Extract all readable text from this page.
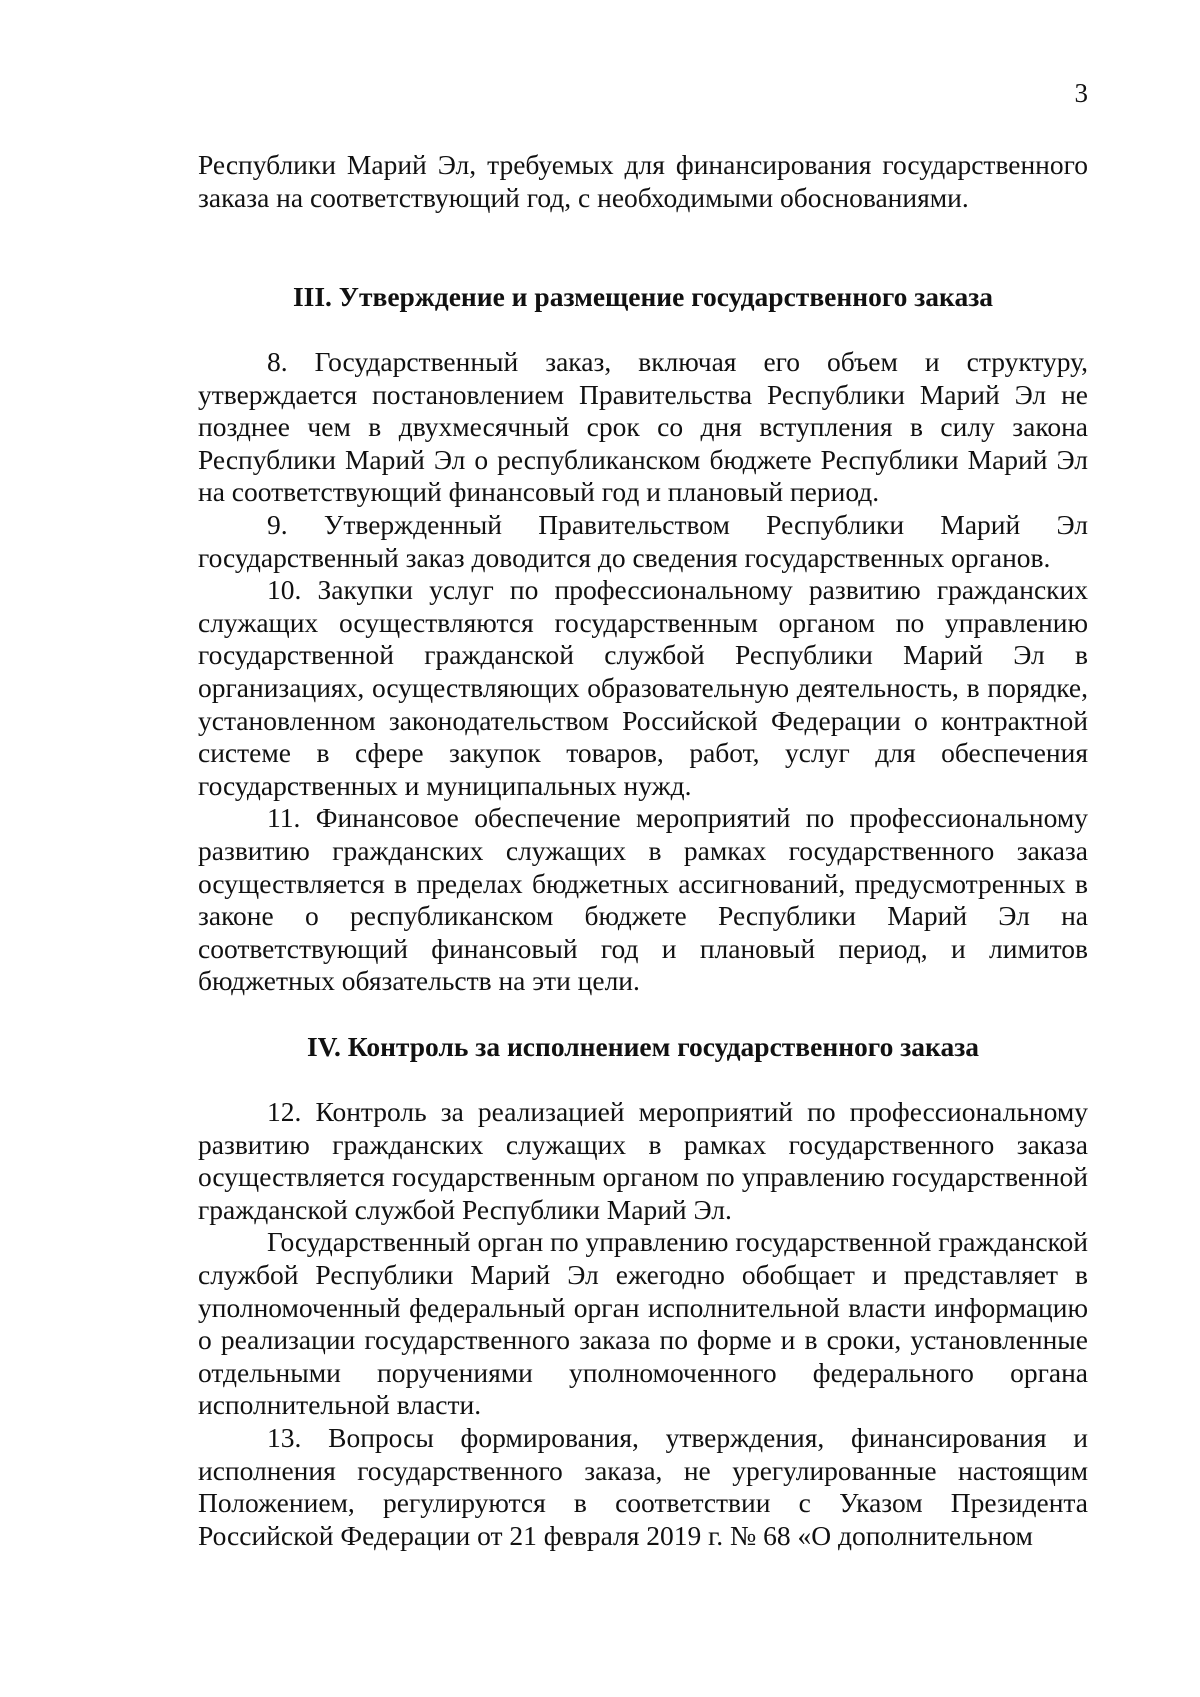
3

Республики Марий Эл, требуемых для финансирования государственного заказа на соответствующий год, с необходимыми обоснованиями.

III. Утверждение и размещение государственного заказа

8. Государственный заказ, включая его объем и структуру, утверждается постановлением Правительства Республики Марий Эл не позднее чем в двухмесячный срок со дня вступления в силу закона Республики Марий Эл о республиканском бюджете Республики Марий Эл на соответствующий финансовый год и плановый период.

9. Утвержденный Правительством Республики Марий Эл государственный заказ доводится до сведения государственных органов.

10. Закупки услуг по профессиональному развитию гражданских служащих осуществляются государственным органом по управлению государственной гражданской службой Республики Марий Эл в организациях, осуществляющих образовательную деятельность, в порядке, установленном законодательством Российской Федерации о контрактной системе в сфере закупок товаров, работ, услуг для обеспечения государственных и муниципальных нужд.

11. Финансовое обеспечение мероприятий по профессиональному развитию гражданских служащих в рамках государственного заказа осуществляется в пределах бюджетных ассигнований, предусмотренных в законе о республиканском бюджете Республики Марий Эл на соответствующий финансовый год и плановый период, и лимитов бюджетных обязательств на эти цели.

IV. Контроль за исполнением государственного заказа

12. Контроль за реализацией мероприятий по профессиональному развитию гражданских служащих в рамках государственного заказа осуществляется государственным органом по управлению государственной гражданской службой Республики Марий Эл.

Государственный орган по управлению государственной гражданской службой Республики Марий Эл ежегодно обобщает и представляет в уполномоченный федеральный орган исполнительной власти информацию о реализации государственного заказа по форме и в сроки, установленные отдельными поручениями уполномоченного федерального органа исполнительной власти.

13. Вопросы формирования, утверждения, финансирования и исполнения государственного заказа, не урегулированные настоящим Положением, регулируются в соответствии с Указом Президента Российской Федерации от 21 февраля 2019 г. № 68 «О дополнительном
